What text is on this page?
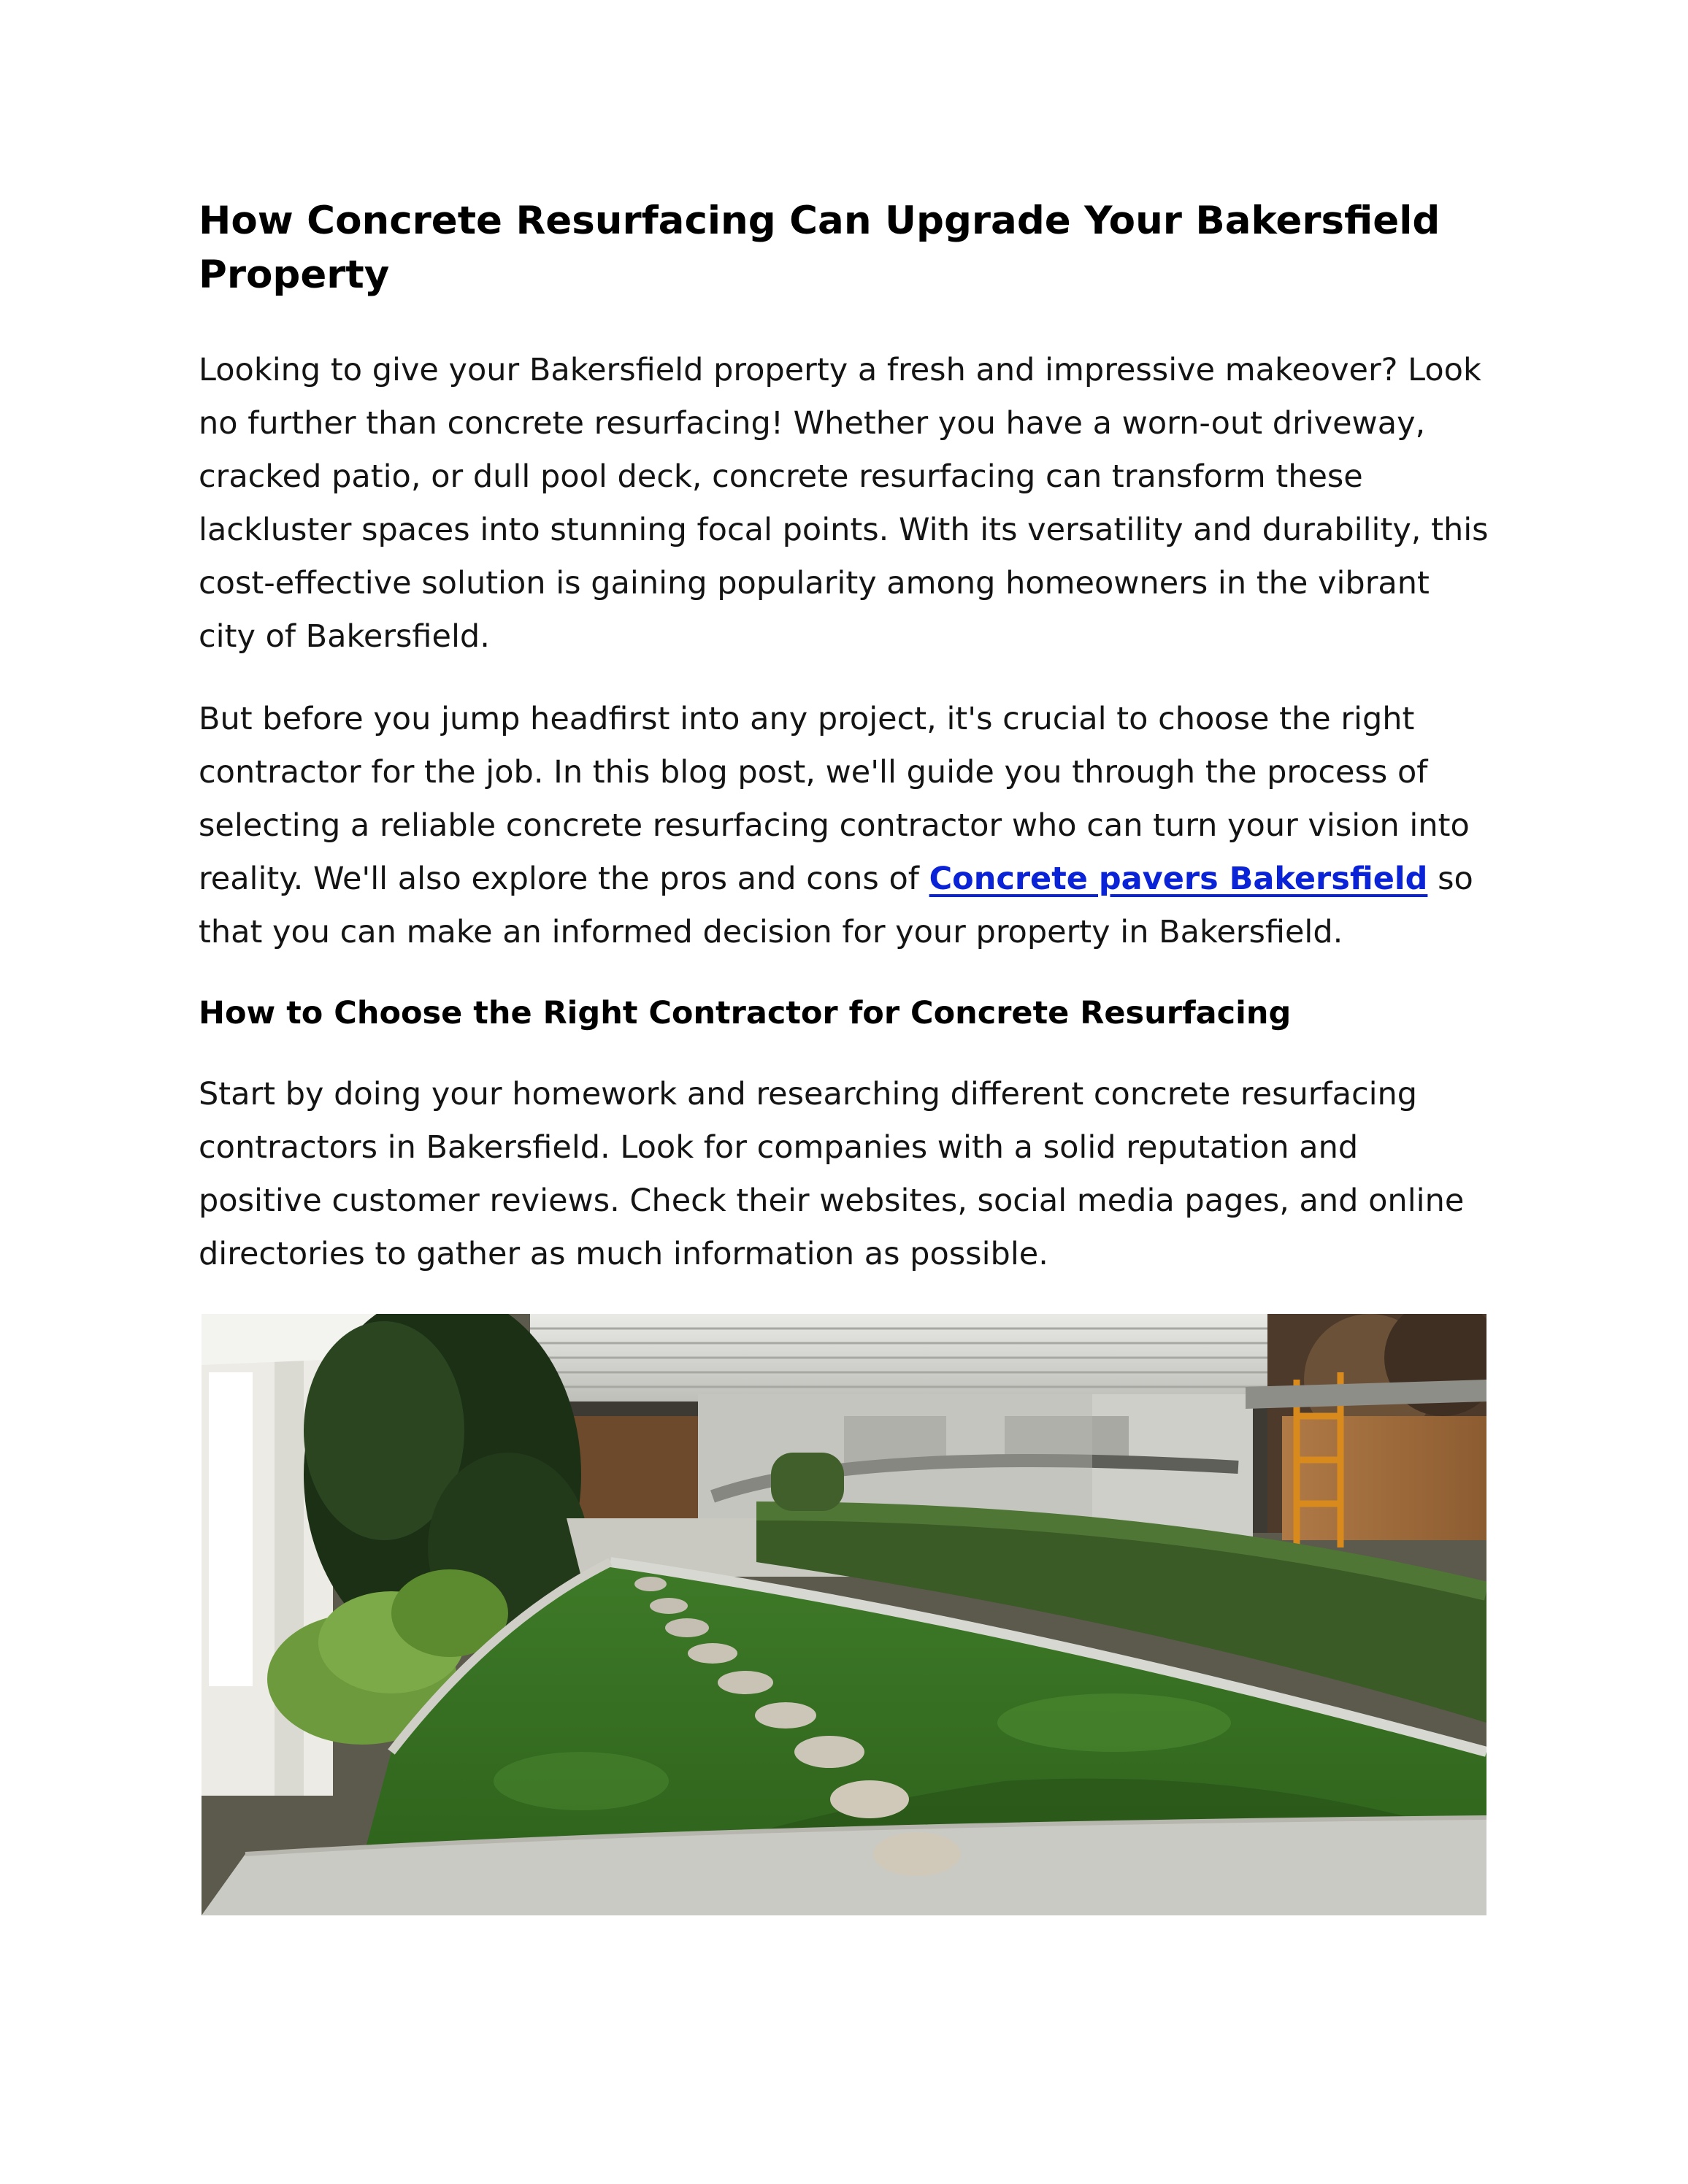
How Concrete Resurfacing Can Upgrade Your Bakersfield Property

Looking to give your Bakersfield property a fresh and impressive makeover? Look no further than concrete resurfacing! Whether you have a worn-out driveway, cracked patio, or dull pool deck, concrete resurfacing can transform these lackluster spaces into stunning focal points. With its versatility and durability, this cost-effective solution is gaining popularity among homeowners in the vibrant city of Bakersfield.

But before you jump headfirst into any project, it's crucial to choose the right contractor for the job. In this blog post, we'll guide you through the process of selecting a reliable concrete resurfacing contractor who can turn your vision into reality. We'll also explore the pros and cons of Concrete pavers Bakersfield so that you can make an informed decision for your property in Bakersfield.

How to Choose the Right Contractor for Concrete Resurfacing

Start by doing your homework and researching different concrete resurfacing contractors in Bakersfield. Look for companies with a solid reputation and positive customer reviews. Check their websites, social media pages, and online directories to gather as much information as possible.
